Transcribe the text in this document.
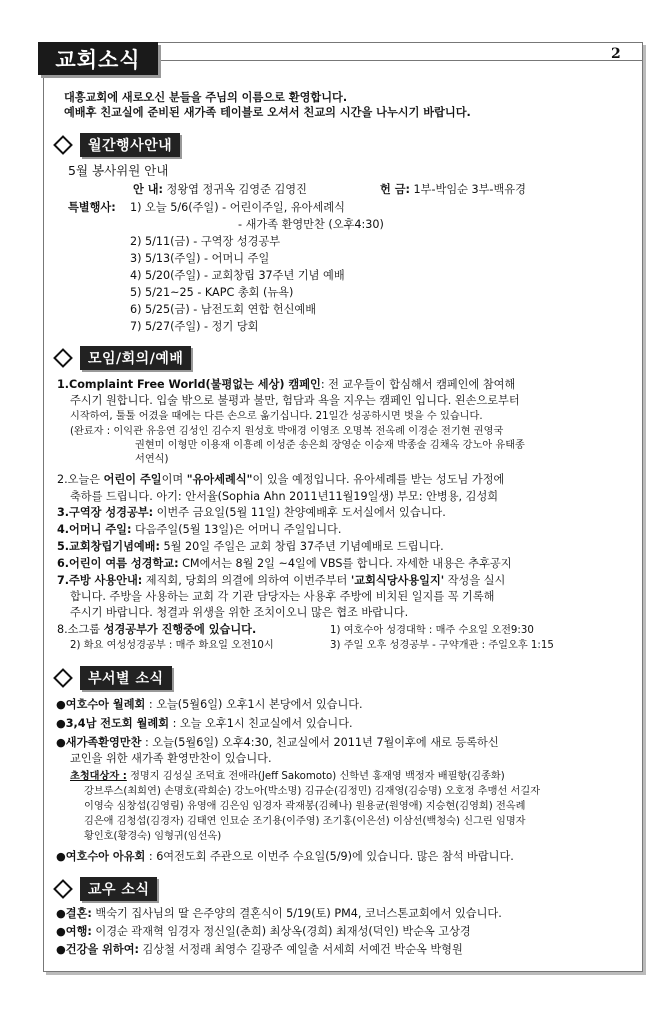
교회소식	2
대흥교회에 새로오신 분들을 주님의 이름으로 환영합니다.
예배후 친교실에 준비된 새가족 테이블로 오셔서 친교의 시간을 나누시기 바랍니다.
월간행사안내
5월 봉사위원 안내
안 내: 정왕엽 정귀옥 김영준 김영진	헌 금: 1부-박임순 3부-백유경
특별행사: 1) 오늘 5/6(주일) - 어린이주일, 유아세례식
- 새가족 환영만찬 (오후4:30)
2) 5/11(금) - 구역장 성경공부
3) 5/13(주일) - 어머니 주일
4) 5/20(주일) - 교회창립 37주년 기념 예배
5) 5/21~25 - KAPC 총회 (뉴욕)
6) 5/25(금) - 남전도회 연합 헌신예배
7) 5/27(주일) - 정기 당회
모임/회의/예배
1.Complaint Free World(불평없는 세상) 캠페인: 전 교우들이 합심해서 캠페인에 참여해
주시기 원합니다. 입술 밖으로 불평과 불만, 험담과 욕을 지우는 캠페인 입니다. 왼손으로부터
시작하여, 툴툴 어겼을 때에는 다른 손으로 옮기십니다. 21일간 성공하시면 벗을 수 있습니다.
(완료자 : 이익관 유응연 김성인 김수지 원성호 박애경 이영조 오명복 전옥례 이경순 전기현 권영국
권현미 이형만 이용재 이흥례 이성준 송은희 장영순 이승재 박종술 김채옥 강노아 유태종
서연식)
2.오늘은 어린이 주일이며 "유아세례식"이 있을 예정입니다. 유아세례를 받는 성도님 가정에
축하를 드립니다. 아기: 안서율(Sophia Ahn 2011년11월19일생) 부모: 안병용, 김성희
3.구역장 성경공부: 이번주 금요일(5월 11일) 찬양예배후 도서실에서 있습니다.
4.어머니 주일: 다음주일(5월 13일)은 어머니 주일입니다.
5.교회창립기념예배: 5월 20일 주일은 교회 창립 37주년 기념예배로 드립니다.
6.어린이 여름 성경학교: CM에서는 8월 2일 ~4일에 VBS를 합니다. 자세한 내용은 추후공지
7.주방 사용안내: 제직회, 당회의 의결에 의하여 이번주부터 '교회식당사용일지' 작성을 실시
합니다. 주방을 사용하는 교회 각 기관 담당자는 사용후 주방에 비치된 일지를 꼭 기록해
주시기 바랍니다. 청결과 위생을 위한 조치이오니 많은 협조 바랍니다.
8.소그룹 성경공부가 진행중에 있습니다.	1) 여호수아 성경대학 : 매주 수요일 오전9:30
2) 화요 여성성경공부 : 매주 화요일 오전10시	3) 주일 오후 성경공부 - 구약개관 : 주일오후 1:15
부서별 소식
●여호수아 월례회 : 오늘(5월6일) 오후1시 본당에서 있습니다.
●3,4남 전도회 월례회 : 오늘 오후1시 친교실에서 있습니다.
●새가족환영만찬 : 오늘(5월6일) 오후4:30, 친교실에서 2011년 7월이후에 새로 등록하신
교인을 위한 새가족 환영만찬이 있습니다.
초청대상자 : 정명지 김성실 조덕효 전애라(Jeff Sakomoto) 신학년 홍재영 백정자 배필항(김종화)
강브루스(최희연) 손명호(곽희순) 강노아(박소명) 김규순(김정민) 김재영(김승명) 오호정 추맹선 서길자
이영숙 심창섭(김영림) 유영애 김은임 임경자 곽재봉(김혜나) 원용균(원영애) 지승현(김영희) 전옥례
김은애 김청섭(김경자) 김태연 인묘순 조기용(이주영) 조기홍(이은선) 이삼선(백청숙) 신그린 임명자
황인호(황경숙) 임형귀(임선옥)
●여호수아 아유회 : 6여전도회 주관으로 이번주 수요일(5/9)에 있습니다. 많은 참석 바랍니다.
교우 소식
●결혼: 백숙기 집사님의 딸 은주양의 결혼식이 5/19(토) PM4, 코너스톤교회에서 있습니다.
●여행: 이경순 곽재혁 임경자 정신일(춘희) 최상옥(경희) 최재성(덕인) 박순옥 고상경
●건강을 위하여: 김상철 서정래 최영수 길광주 예일출 서세희 서예건 박순옥 박형원
